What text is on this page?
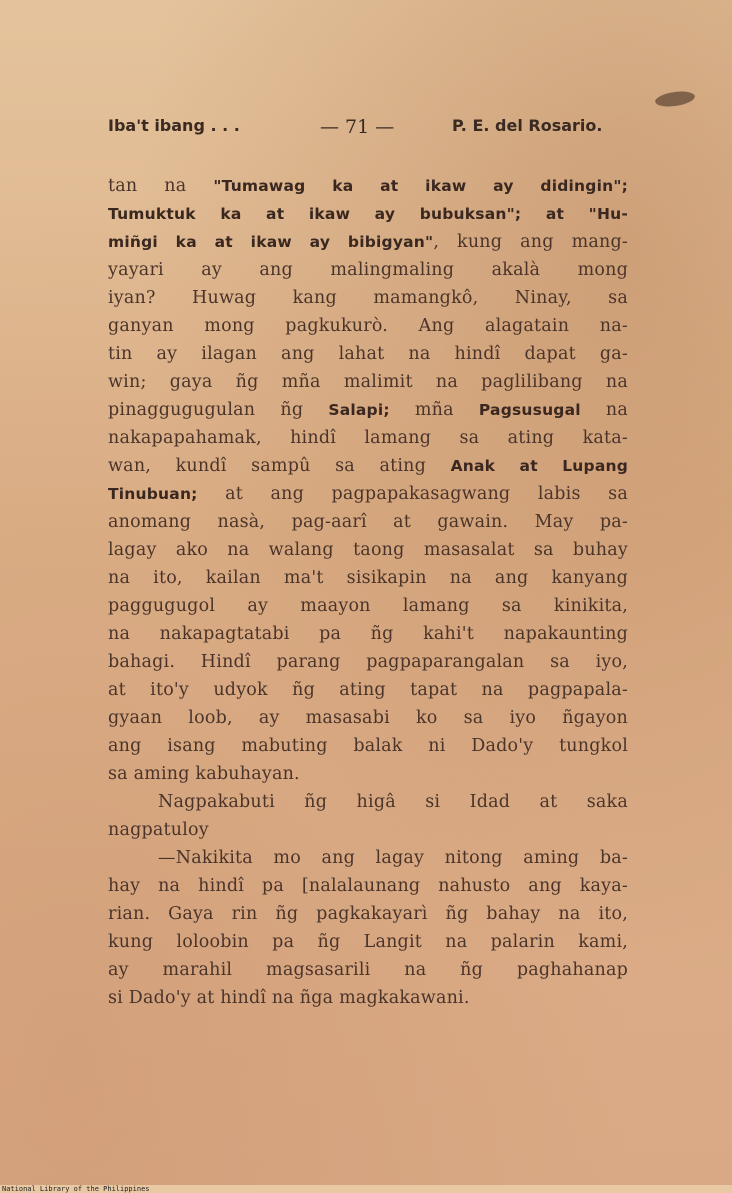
Iba't ibang . . .	— 71 —	P. E. del Rosario.
tan na "Tumawag ka at ikaw ay didingin";
Tumuktuk ka at ikaw ay bubuksan"; at "Hu-
miñgi ka at ikaw ay bibigyan", kung ang mang-
yayari ay ang malingmaling akalà mong
iyan? Huwag kang mamangkô, Ninay, sa
ganyan mong pagkukurò. Ang alagatain na-
tin ay ilagan ang lahat na hindî dapat ga-
win; gaya ñg mña malimit na paglilibang na
pinaggugugulan ñg Salapi; mña Pagsusugal na
nakapapahamak, hindî lamang sa ating kata-
wan, kundî sampû sa ating Anak at Lupang
Tinubuan; at ang pagpapakasagwang labis sa
anomang nasà, pag-aarî at gawain. May pa-
lagay ako na walang taong masasalat sa buhay
na ito, kailan ma't sisikapin na ang kanyang
paggugugol ay maayon lamang sa kinikita,
na nakapagtatabi pa ñg kahi't napakaunting
bahagi. Hindî parang pagpaparangalan sa iyo,
at ito'y udyok ñg ating tapat na pagpapala-
gyaan loob, ay masasabi ko sa iyo ñgayon
ang isang mabuting balak ni Dado'y tungkol
sa aming kabuhayan.
Nagpakabuti ñg higâ si Idad at saka
nagpatuloy
—Nakikita mo ang lagay nitong aming ba-
hay na hindî pa [nalalaunang nahusto ang kaya-
rian. Gaya rin ñg pagkakayarì ñg bahay na ito,
kung loloobin pa ñg Langit na palarin kami,
ay marahil magsasarili na ñg paghahanap
si Dado'y at hindî na ñga magkakawani.
National Library of the Philippines
